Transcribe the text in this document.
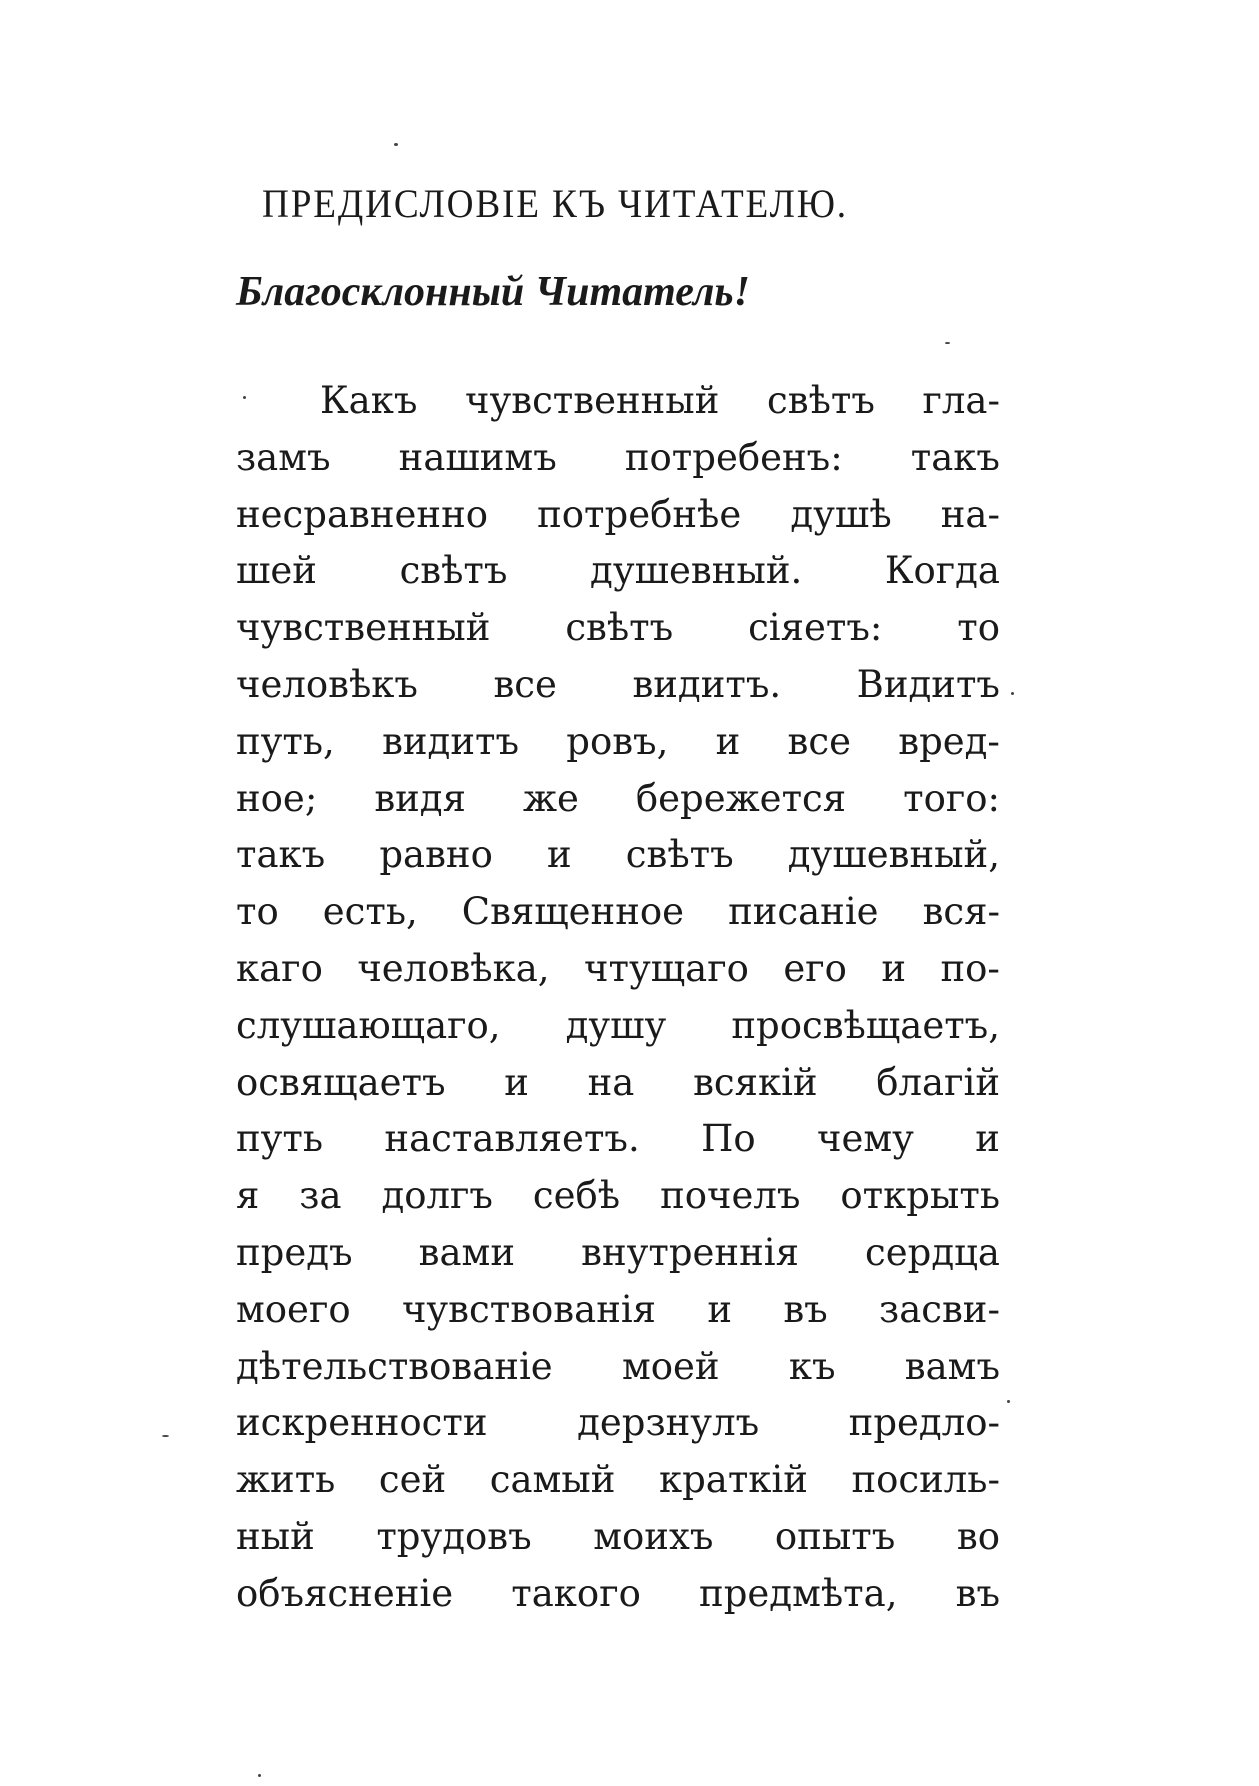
ПРЕДИСЛОВІЕ КЪ ЧИТАТЕЛЮ.

Благосклонный Читатель!

Какъ чувственный свѣтъ гла-
замъ нашимъ потребенъ: такъ
несравненно потребнѣе душѣ на-
шей свѣтъ душевный. Когда
чувственный свѣтъ сіяетъ: то
человѣкъ все видитъ. Видитъ
путь, видитъ ровъ, и все вред-
ное; видя же бережется того:
такъ равно и свѣтъ душевный,
то есть, Священное писаніе вся-
каго человѣка, чтущаго его и по-
слушающаго, душу просвѣщаетъ,
освящаетъ и на всякій благій
путь наставляетъ. По чему и
я за долгъ себѣ почелъ открыть
предъ вами внутреннія сердца
моего чувствованія и въ засви-
дѣтельствованіе моей къ вамъ
искренности дерзнулъ предло-
жить сей самый краткій посиль-
ный трудовъ моихъ опытъ во
объясненіе такого предмѣта, въ
